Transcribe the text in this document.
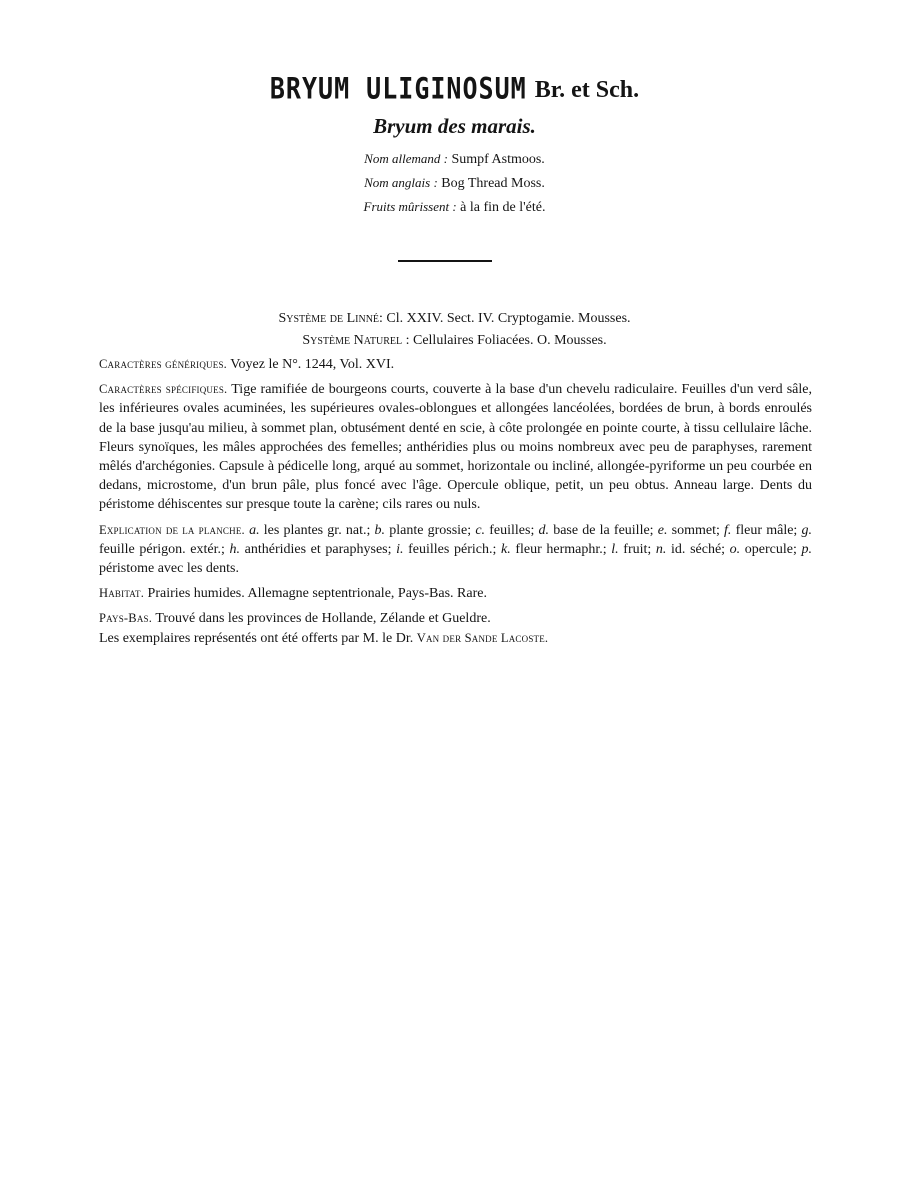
BRYUM ULIGINOSUM Br. et Sch.
Bryum des marais.
Nom allemand : Sumpf Astmoos.
Nom anglais : Bog Thread Moss.
Fruits mûrissent : à la fin de l'été.
Système de Linné: Cl. XXIV. Sect. IV. Cryptogamie. Mousses.
Système Naturel : Cellulaires Foliacées. O. Mousses.

Caractères génériques. Voyez le N°. 1244, Vol. XVI.

Caractères spécifiques. Tige ramifiée de bourgeons courts, couverte à la base d'un chevelu radiculaire. Feuilles d'un verd sâle, les inférieures ovales acuminées, les supérieures ovales-oblongues et allongées lancéolées, bordées de brun, à bords enroulés de la base jusqu'au milieu, à sommet plan, obtusément denté en scie, à côte prolongée en pointe courte, à tissu cellulaire lâche. Fleurs synoïques, les mâles approchées des femelles; anthéridies plus ou moins nombreux avec peu de paraphyses, rarement mêlés d'archégonies. Capsule à pédicelle long, arqué au sommet, horizontale ou incliné, allongée-pyriforme un peu courbée en dedans, microstome, d'un brun pâle, plus foncé avec l'âge. Opercule oblique, petit, un peu obtus. Anneau large. Dents du péristome déhiscentes sur presque toute la carène; cils rares ou nuls.

Explication de la planche. a. les plantes gr. nat.; b. plante grossie; c. feuilles; d. base de la feuille; e. sommet; f. fleur mâle; g. feuille périgon. extér.; h. anthéridies et paraphyses; i. feuilles périch.; k. fleur hermaphr.; l. fruit; n. id. séché; o. opercule; p. péristome avec les dents.

Habitat. Prairies humides. Allemagne septentrionale, Pays-Bas. Rare.

Pays-Bas. Trouvé dans les provinces de Hollande, Zélande et Gueldre.

Les exemplaires représentés ont été offerts par M. le Dr. Van der Sande Lacoste.
